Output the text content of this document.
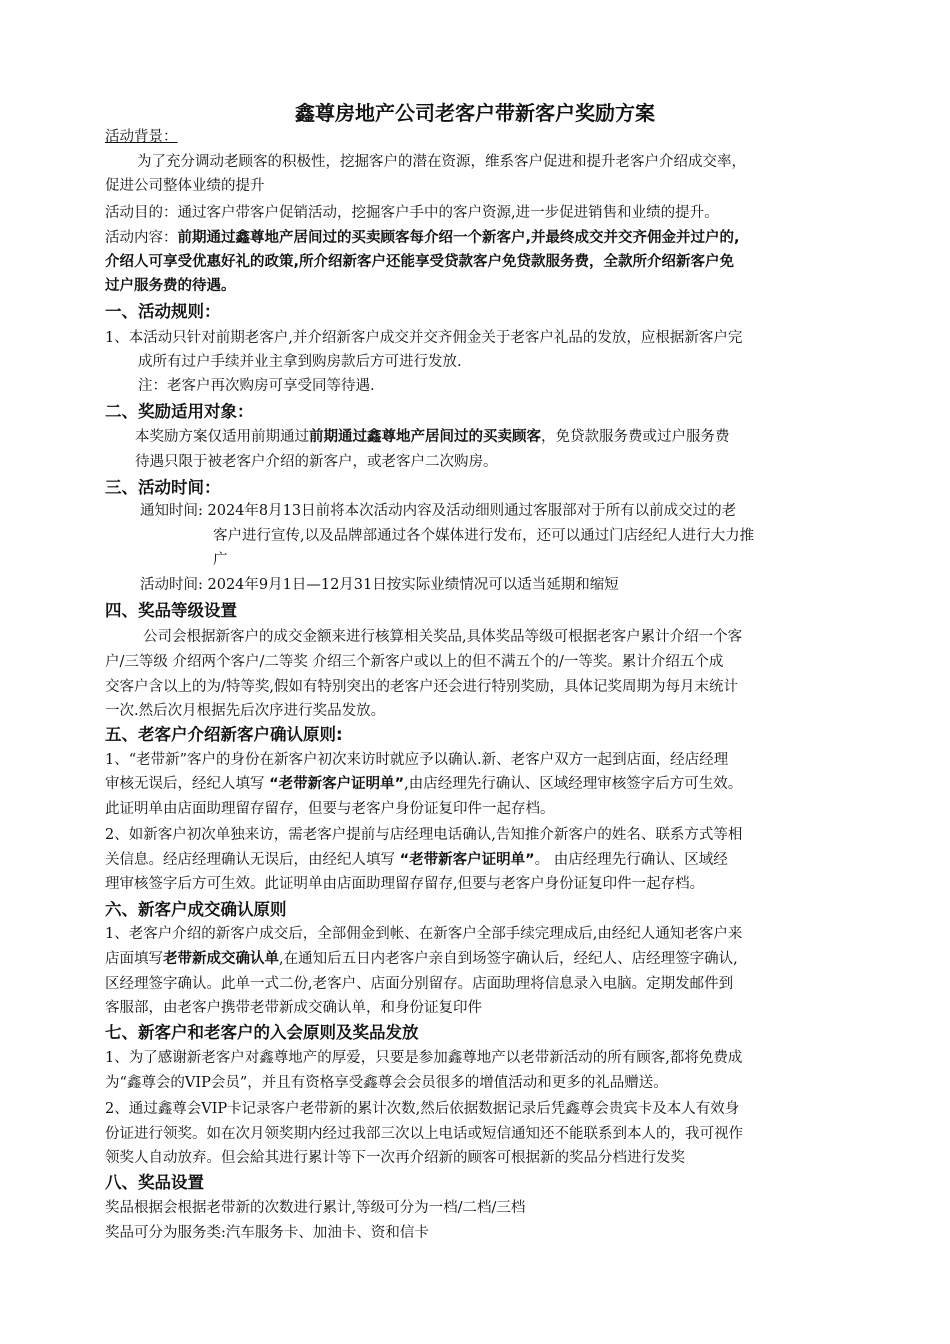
鑫尊房地产公司老客户带新客户奖励方案
活动背景：
为了充分调动老顾客的积极性，挖掘客户的潜在资源，维系客户促进和提升老客户介绍成交率，
促进公司整体业绩的提升
活动目的：通过客户带客户促销活动，挖掘客户手中的客户资源,进一步促进销售和业绩的提升。
活动内容：前期通过鑫尊地产居间过的买卖顾客每介绍一个新客户,并最终成交并交齐佣金并过户的,
介绍人可享受优惠好礼的政策,所介绍新客户还能享受贷款客户免贷款服务费，全款所介绍新客户免
过户服务费的待遇。
一、活动规则：
1、本活动只针对前期老客户,并介绍新客户成交并交齐佣金关于老客户礼品的发放，应根据新客户完
成所有过户手续并业主拿到购房款后方可进行发放.
注：老客户再次购房可享受同等待遇.
二、奖励适用对象：
本奖励方案仅适用前期通过前期通过鑫尊地产居间过的买卖顾客，免贷款服务费或过户服务费
待遇只限于被老客户介绍的新客户，或老客户二次购房。
三、活动时间：
通知时间: 2024年8月13日前将本次活动内容及活动细则通过客服部对于所有以前成交过的老
客户进行宣传,以及品牌部通过各个媒体进行发布，还可以通过门店经纪人进行大力推
广
活动时间: 2024年9月1日—12月31日按实际业绩情况可以适当延期和缩短
四、奖品等级设置
公司会根据新客户的成交金额来进行核算相关奖品,具体奖品等级可根据老客户累计介绍一个客
户/三等级 介绍两个客户/二等奖 介绍三个新客户或以上的但不满五个的/一等奖。累计介绍五个成
交客户含以上的为/特等奖,假如有特别突出的老客户还会进行特别奖励，具体记奖周期为每月末统计
一次.然后次月根据先后次序进行奖品发放。
五、老客户介绍新客户确认原则:
1、“老带新”客户的身份在新客户初次来访时就应予以确认.新、老客户双方一起到店面，经店经理
审核无误后，经纪人填写 “老带新客户证明单”,由店经理先行确认、区域经理审核签字后方可生效。
此证明单由店面助理留存留存，但要与老客户身份证复印件一起存档。
2、如新客户初次单独来访，需老客户提前与店经理电话确认,告知推介新客户的姓名、联系方式等相
关信息。经店经理确认无误后，由经纪人填写 “老带新客户证明单”。 由店经理先行确认、区域经
理审核签字后方可生效。此证明单由店面助理留存留存,但要与老客户身份证复印件一起存档。
六、新客户成交确认原则
1、老客户介绍的新客户成交后，全部佣金到帐、在新客户全部手续完理成后,由经纪人通知老客户来
店面填写老带新成交确认单,在通知后五日内老客户亲自到场签字确认后，经纪人、店经理签字确认,
区经理签字确认。此单一式二份,老客户、店面分别留存。店面助理将信息录入电脑。定期发邮件到
客服部，由老客户携带老带新成交确认单，和身份证复印件
七、新客户和老客户的入会原则及奖品发放
1、为了感谢新老客户对鑫尊地产的厚爱，只要是参加鑫尊地产以老带新活动的所有顾客,都将免费成
为“鑫尊会的VIP会员”，并且有资格享受鑫尊会会员很多的增值活动和更多的礼品赠送。
2、通过鑫尊会VIP卡记录客户老带新的累计次数,然后依据数据记录后凭鑫尊会贵宾卡及本人有效身
份证进行领奖。如在次月领奖期内经过我部三次以上电话或短信通知还不能联系到本人的，我可视作
领奖人自动放弃。但会給其进行累计等下一次再介绍新的顾客可根据新的奖品分档进行发奖
八、奖品设置
奖品根据会根据老带新的次数进行累计,等级可分为一档/二档/三档
奖品可分为服务类:汽车服务卡、加油卡、资和信卡
